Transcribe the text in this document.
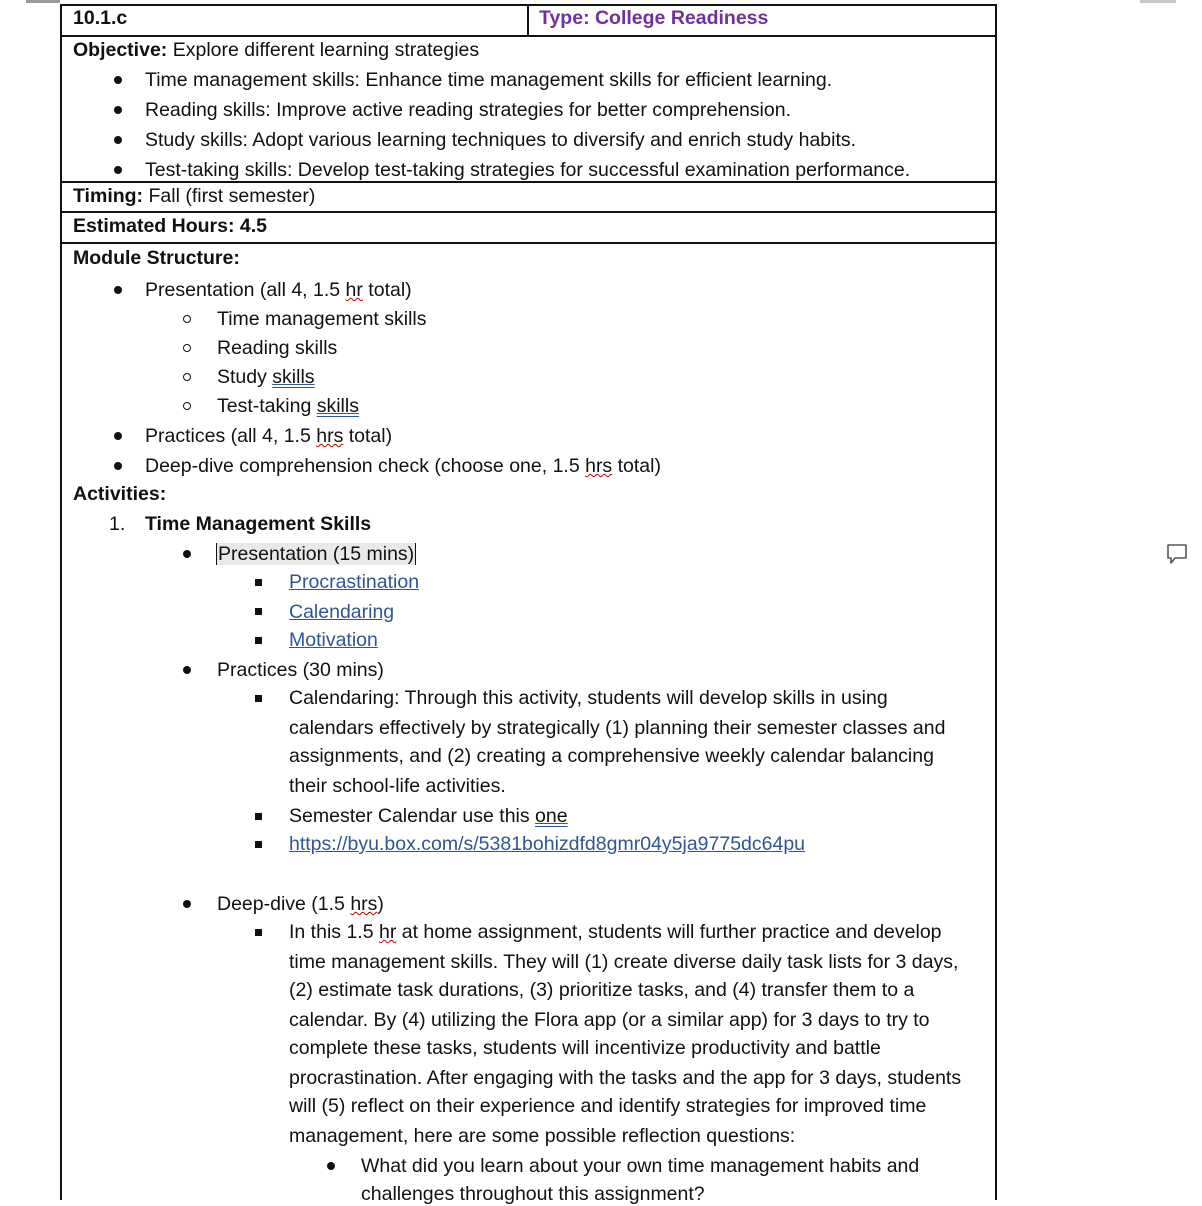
10.1.c	Type: College Readiness
Objective: Explore different learning strategies
Time management skills: Enhance time management skills for efficient learning.
Reading skills: Improve active reading strategies for better comprehension.
Study skills: Adopt various learning techniques to diversify and enrich study habits.
Test-taking skills: Develop test-taking strategies for successful examination performance.
Timing: Fall (first semester)
Estimated Hours: 4.5
Module Structure:
Presentation (all 4, 1.5 hr total)
Time management skills
Reading skills
Study skills
Test-taking skills
Practices (all 4, 1.5 hrs total)
Deep-dive comprehension check (choose one, 1.5 hrs total)
Activities:
1. Time Management Skills
Presentation (15 mins)
Procrastination
Calendaring
Motivation
Practices (30 mins)
Calendaring: Through this activity, students will develop skills in using
calendars effectively by strategically (1) planning their semester classes and
assignments, and (2) creating a comprehensive weekly calendar balancing
their school-life activities.
Semester Calendar use this one
https://byu.box.com/s/5381bohizdfd8gmr04y5ja9775dc64pu
Deep-dive (1.5 hrs)
In this 1.5 hr at home assignment, students will further practice and develop
time management skills. They will (1) create diverse daily task lists for 3 days,
(2) estimate task durations, (3) prioritize tasks, and (4) transfer them to a
calendar. By (4) utilizing the Flora app (or a similar app) for 3 days to try to
complete these tasks, students will incentivize productivity and battle
procrastination. After engaging with the tasks and the app for 3 days, students
will (5) reflect on their experience and identify strategies for improved time
management, here are some possible reflection questions:
What did you learn about your own time management habits and
challenges throughout this assignment?
